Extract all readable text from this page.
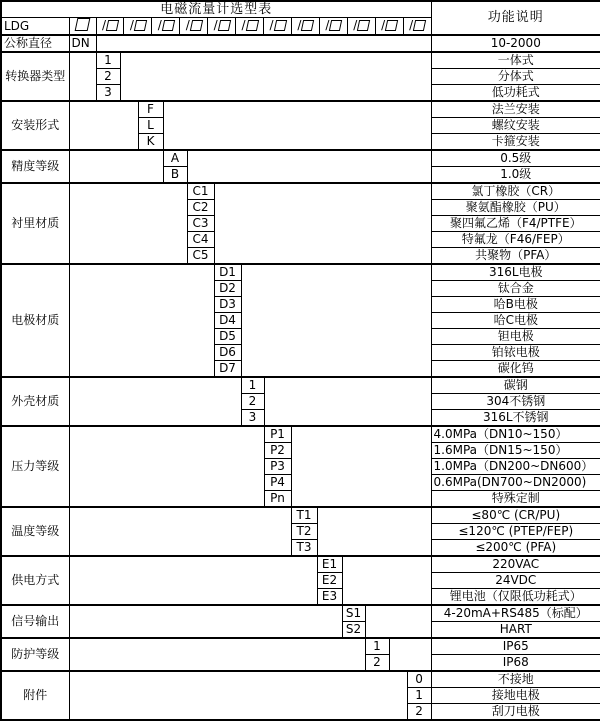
电磁流量计选型表																功能说明
LDG		/ / / / / / / / / / / /

公称直径	DN															10-2000
转换器类型		1														一体式
		2														分体式
		3														低功耗式
安装形式				F												法兰安装
				L												螺纹安装
				K												卡箍安装
精度等级					A											0.5级
					B											1.0级
衬里材质						C1										氯丁橡胶（CR）
						C2										聚氨酯橡胶（PU）
						C3										聚四氟乙烯（F4/PTFE）
						C4										特氟龙（F46/FEP）
						C5										共聚物（PFA）
电极材质							D1									316L电极
							D2									钛合金
							D3									哈B电极
							D4									哈C电极
							D5									钽电极
							D6									铂铱电极
							D7									碳化钨
外壳材质								1								碳钢
								2								304不锈钢
								3								316L不锈钢
压力等级									P1							4.0MPa（DN10~150）
									P2							1.6MPa（DN15~150）
									P3							1.0MPa（DN200~DN600）
									P4							0.6MPa(DN700~DN2000)
									Pn							特殊定制
温度等级										T1						≤80℃ (CR/PU)
										T2						≤120℃ (PTEP/FEP)
										T3						≤200℃ (PFA)
供电方式											E1					220VAC
											E2					24VDC
											E3					锂电池（仅限低功耗式）
信号输出												S1				4-20mA+RS485（标配）
												S2				HART
防护等级													1			IP65
													2			IP68
附件															0	不接地
															1	接地电极
															2	刮刀电极
